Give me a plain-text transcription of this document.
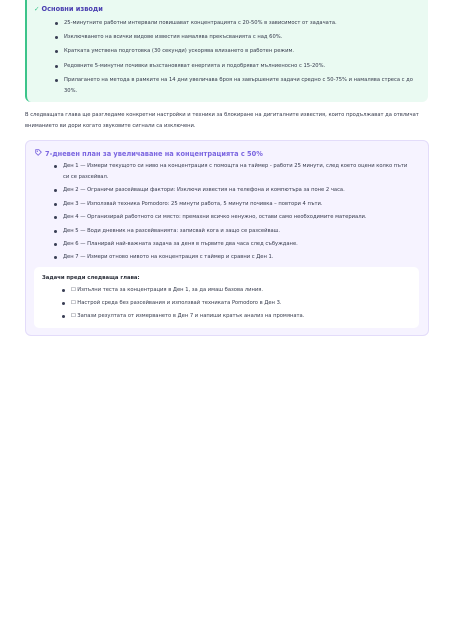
✓ Основни изводи
25-минутните работни интервали повишават концентрацията с 20-50% в зависимост от задачата.
Изключването на всички видове известия намалява прекъсванията с над 60%.
Кратката умствена подготовка (30 секунди) ускорява влизането в работен режим.
Редовните 5-минутни почивки възстановяват енергията и подобряват мълниеносно с 15-20%.
Прилагането на метода в рамките на 14 дни увеличава броя на завършените задачи средно с 50-75% и намалява стреса с до 30%.

В следващата глава ще разгледаме конкретни настройки и техники за блокиране на дигиталните известия, които продължават да отвличат вниманието ви дори когато звуковите сигнали са изключени.

7-дневен план за увеличаване на концентрацията с 50%
Ден 1 — Измери текущото си ниво на концентрация с помощта на таймер - работи 25 минути, след което оцени колко пъти си се разсейвал.
Ден 2 — Ограничи разсейващи фактори: Изключи известия на телефона и компютъра за поне 2 часа.
Ден 3 — Използвай техника Pomodoro: 25 минути работа, 5 минути почивка – повтори 4 пъти.
Ден 4 — Организирай работното си място: премахни всичко ненужно, остави само необходимите материали.
Ден 5 — Води дневник на разсейванията: записвай кога и защо се разсейваш.
Ден 6 — Планирай най-важната задача за деня в първите два часа след събуждане.
Ден 7 — Измери отново нивото на концентрация с таймер и сравни с Ден 1.
Задачи преди следваща глава:
☐ Изпълни теста за концентрация в Ден 1, за да имаш базова линия.
☐ Настрой среда без разсейвания и използвай техниката Pomodoro в Ден 3.
☐ Запази резултата от измерването в Ден 7 и напиши кратък анализ на промяната.
